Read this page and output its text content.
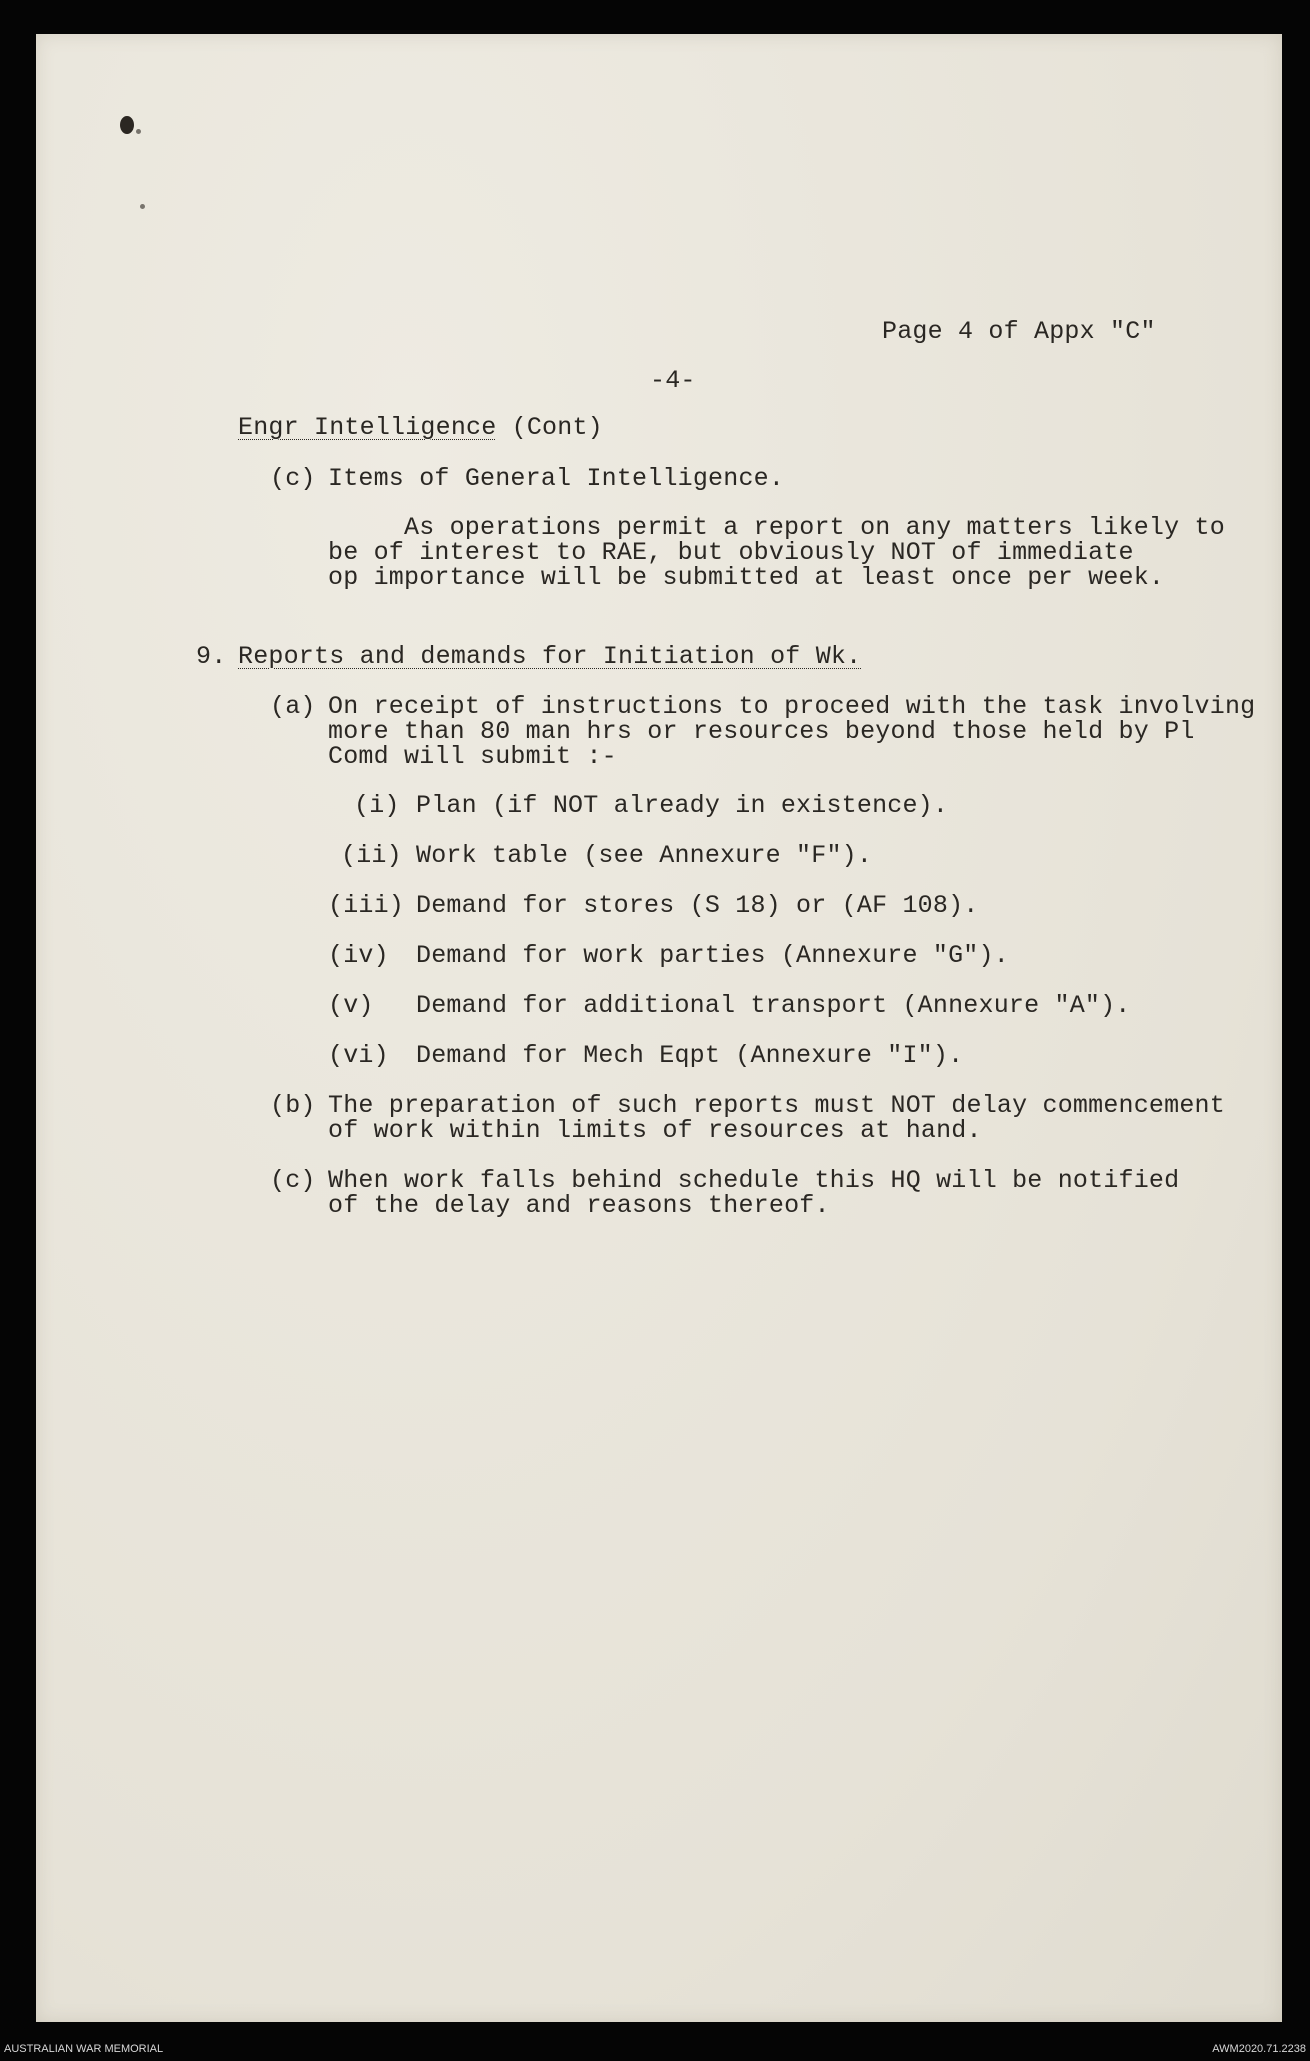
Page 4 of Appx "C"
-4-
Engr Intelligence (Cont)
(c) Items of General Intelligence.
As operations permit a report on any matters likely to
be of interest to RAE, but obviously NOT of immediate
op importance will be submitted at least once per week.
9. Reports and demands for Initiation of Wk.
(a) On receipt of instructions to proceed with the task involving
more than 80 man hrs or resources beyond those held by Pl
Comd will submit :-
(i) Plan (if NOT already in existence).
(ii) Work table (see Annexure "F").
(iii) Demand for stores (S 18) or (AF 108).
(iv) Demand for work parties (Annexure "G").
(v) Demand for additional transport (Annexure "A").
(vi) Demand for Mech Eqpt (Annexure "I").
(b) The preparation of such reports must NOT delay commencement
of work within limits of resources at hand.
(c) When work falls behind schedule this HQ will be notified
of the delay and reasons thereof.
AUSTRALIAN WAR MEMORIAL	AWM2020.71.2238
